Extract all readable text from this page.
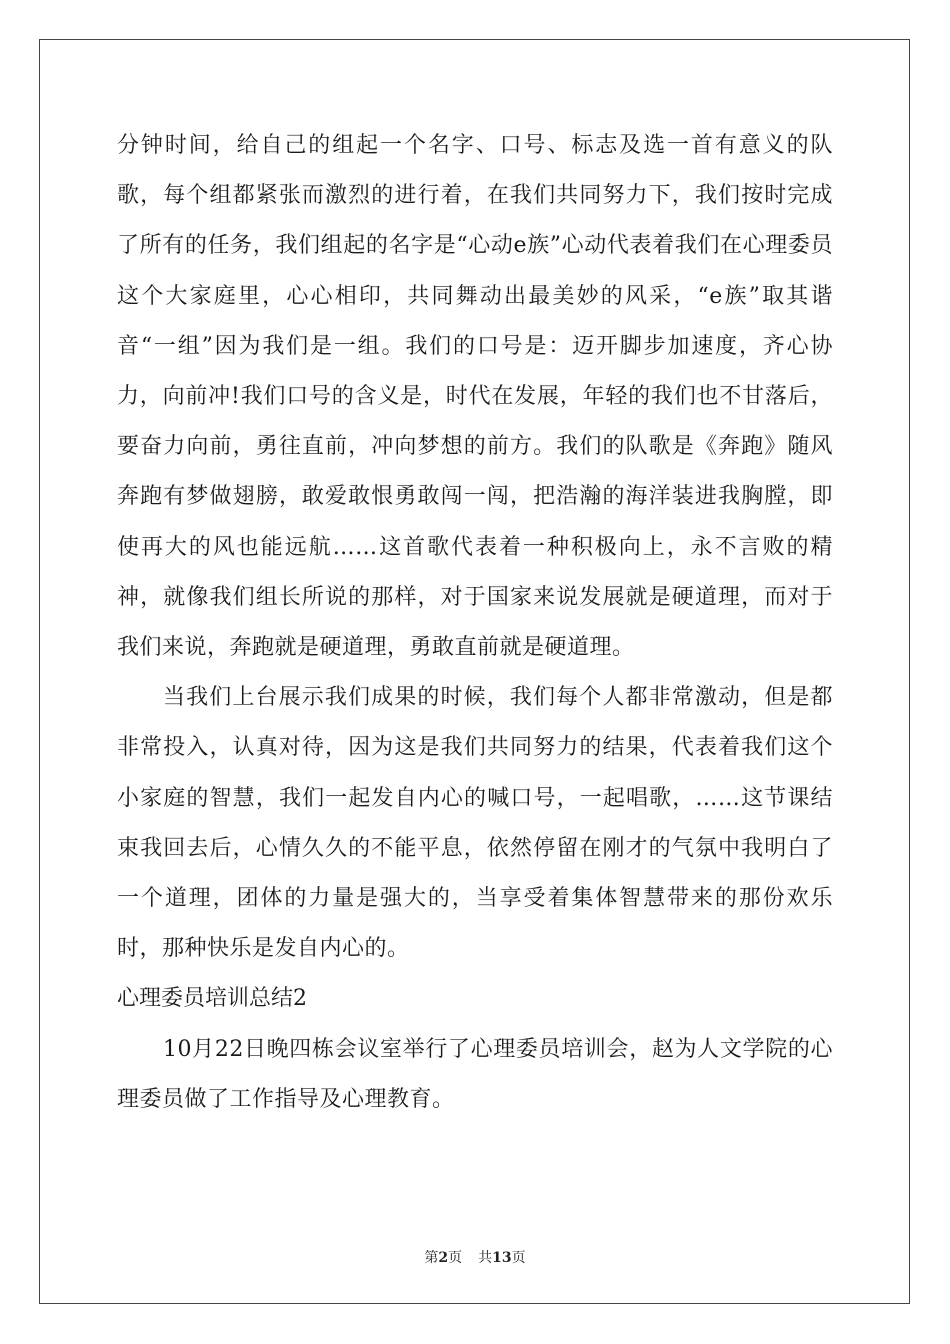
分钟时间，给自己的组起一个名字、口号、标志及选一首有意义的队歌，每个组都紧张而激烈的进行着，在我们共同努力下，我们按时完成了所有的任务，我们组起的名字是“心动e族”心动代表着我们在心理委员这个大家庭里，心心相印，共同舞动出最美妙的风采，“e族”取其谐音“一组”因为我们是一组。我们的口号是：迈开脚步加速度，齐心协力，向前冲!我们口号的含义是，时代在发展，年轻的我们也不甘落后，要奋力向前，勇往直前，冲向梦想的前方。我们的队歌是《奔跑》随风奔跑有梦做翅膀，敢爱敢恨勇敢闯一闯，把浩瀚的海洋装进我胸膛，即使再大的风也能远航……这首歌代表着一种积极向上，永不言败的精神，就像我们组长所说的那样，对于国家来说发展就是硬道理，而对于我们来说，奔跑就是硬道理，勇敢直前就是硬道理。

当我们上台展示我们成果的时候，我们每个人都非常激动，但是都非常投入，认真对待，因为这是我们共同努力的结果，代表着我们这个小家庭的智慧，我们一起发自内心的喊口号，一起唱歌，……这节课结束我回去后，心情久久的不能平息，依然停留在刚才的气氛中我明白了一个道理，团体的力量是强大的，当享受着集体智慧带来的那份欢乐时，那种快乐是发自内心的。

心理委员培训总结2

10月22日晚四栋会议室举行了心理委员培训会，赵为人文学院的心理委员做了工作指导及心理教育。

第2页 共13页
